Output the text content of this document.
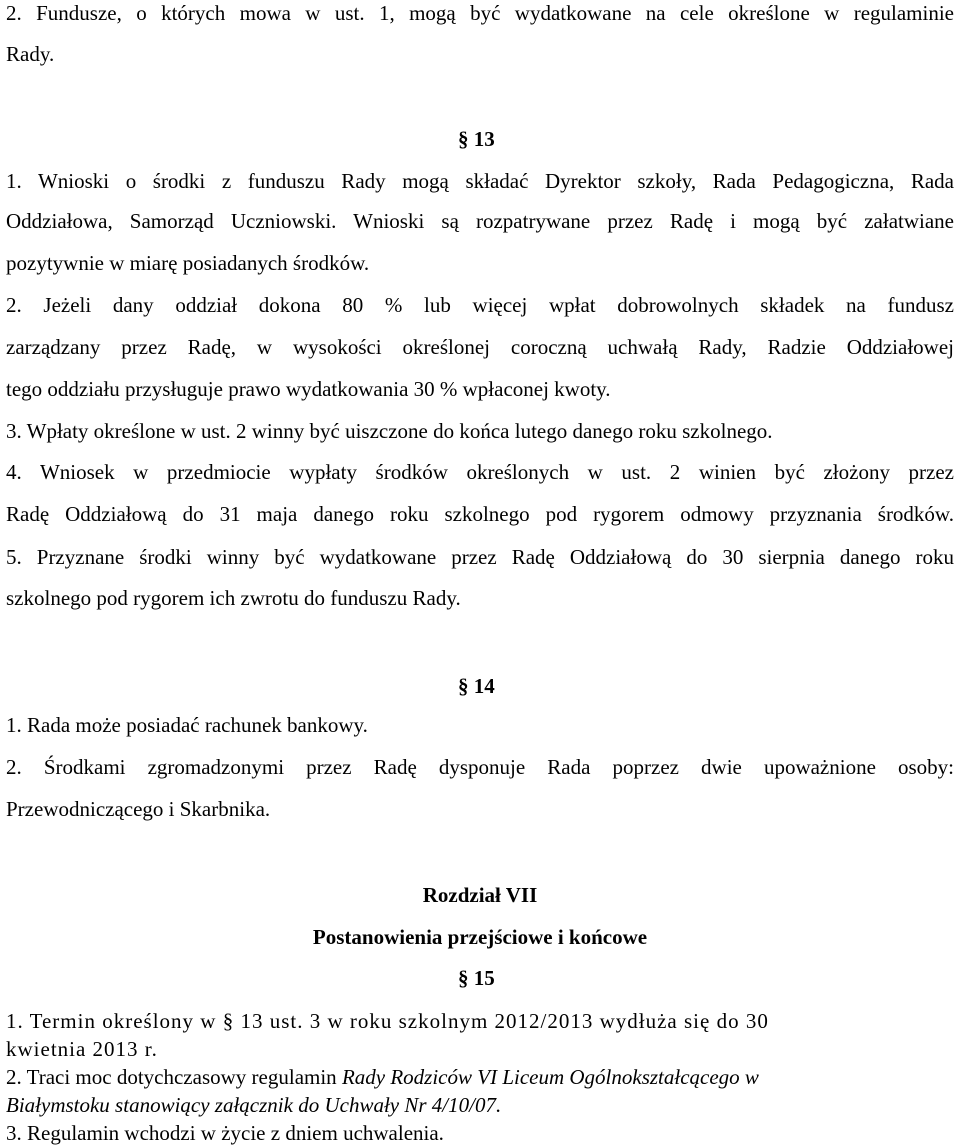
2. Fundusze, o których mowa w ust. 1, mogą być wydatkowane na cele określone w regulaminie
Rady.
§ 13
1. Wnioski o środki z funduszu Rady mogą składać Dyrektor szkoły, Rada Pedagogiczna, Rada
Oddziałowa, Samorząd Uczniowski. Wnioski są rozpatrywane przez Radę i mogą być załatwiane
pozytywnie w miarę posiadanych środków.
2. Jeżeli dany oddział dokona 80 % lub więcej wpłat dobrowolnych składek na fundusz
zarządzany przez Radę, w wysokości określonej coroczną uchwałą Rady, Radzie Oddziałowej
tego oddziału przysługuje prawo wydatkowania 30 % wpłaconej kwoty.
3. Wpłaty określone w ust. 2 winny być uiszczone do końca lutego danego roku szkolnego.
4. Wniosek w przedmiocie wypłaty środków określonych w ust. 2 winien być złożony przez
Radę Oddziałową do 31 maja danego roku szkolnego pod rygorem odmowy przyznania środków.
5. Przyznane środki winny być wydatkowane przez Radę Oddziałową do 30 sierpnia danego roku
szkolnego pod rygorem ich zwrotu do funduszu Rady.
§ 14
1. Rada może posiadać rachunek bankowy.
2. Środkami zgromadzonymi przez Radę dysponuje Rada poprzez dwie upoważnione osoby:
Przewodniczącego i Skarbnika.
Rozdział VII
Postanowienia przejściowe i końcowe
§ 15
1. Termin określony w § 13 ust. 3 w roku szkolnym 2012/2013 wydłuża się do 30
kwietnia 2013 r.
2. Traci moc dotychczasowy regulamin Rady Rodziców VI Liceum Ogólnokształcącego w
Białymstoku stanowiący załącznik do Uchwały Nr 4/10/07.
3. Regulamin wchodzi w życie z dniem uchwalenia.
